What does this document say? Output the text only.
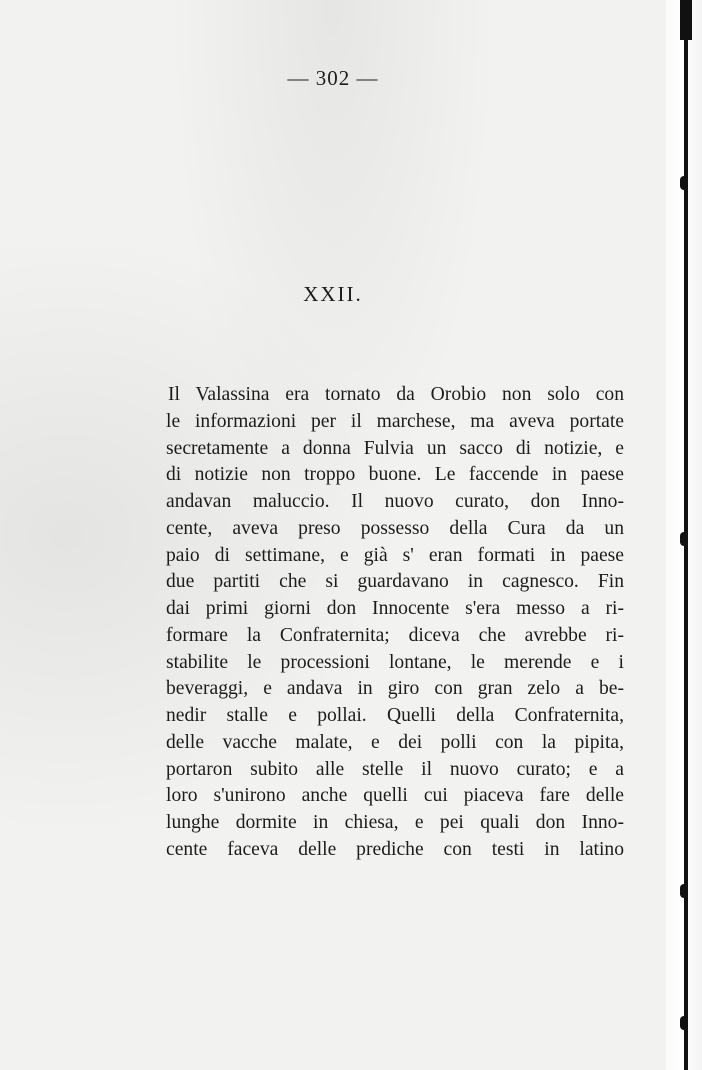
— 302 —

XXII.
Il Valassina era tornato da Orobio non solo con
le informazioni per il marchese, ma aveva portate
secretamente a donna Fulvia un sacco di notizie, e
di notizie non troppo buone. Le faccende in paese
andavan maluccio. Il nuovo curato, don Inno-
cente, aveva preso possesso della Cura da un
paio di settimane, e già s' eran formati in paese
due partiti che si guardavano in cagnesco. Fin
dai primi giorni don Innocente s'era messo a ri-
formare la Confraternita; diceva che avrebbe ri-
stabilite le processioni lontane, le merende e i
beveraggi, e andava in giro con gran zelo a be-
nedir stalle e pollai. Quelli della Confraternita,
delle vacche malate, e dei polli con la pipita,
portaron subito alle stelle il nuovo curato; e a
loro s'unirono anche quelli cui piaceva fare delle
lunghe dormite in chiesa, e pei quali don Inno-
cente faceva delle prediche con testi in latino
